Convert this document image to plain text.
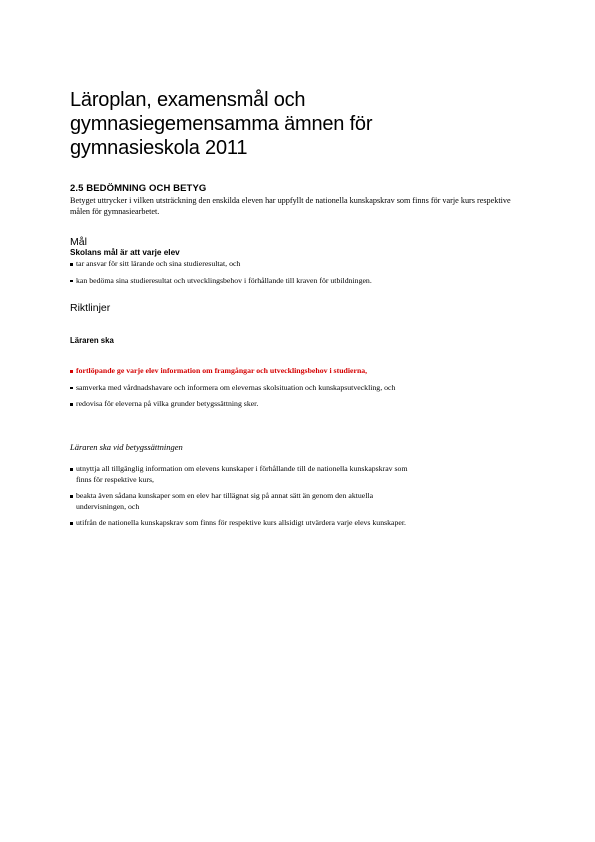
Läroplan, examensmål och
gymnasiegemensamma ämnen för
gymnasieskola 2011

2.5 BEDÖMNING OCH BETYG

Betyget uttrycker i vilken utsträckning den enskilda eleven har uppfyllt de nationella kunskapskrav som finns för varje kurs respektive målen för gymnasiearbetet.

Mål

Skolans mål är att varje elev

tar ansvar för sitt lärande och sina studieresultat, och
kan bedöma sina studieresultat och utvecklingsbehov i förhållande till kraven för utbildningen.

Riktlinjer

Läraren ska

fortlöpande ge varje elev information om framgångar och utvecklingsbehov i studierna,
samverka med vårdnadshavare och informera om elevernas skolsituation och kunskapsutveckling, och
redovisa för eleverna på vilka grunder betygssättning sker.

Läraren ska vid betygssättningen

utnyttja all tillgänglig information om elevens kunskaper i förhållande till de nationella kunskapskrav som
finns för respektive kurs,
beakta även sådana kunskaper som en elev har tillägnat sig på annat sätt än genom den aktuella
undervisningen, och
utifrån de nationella kunskapskrav som finns för respektive kurs allsidigt utvärdera varje elevs kunskaper.
